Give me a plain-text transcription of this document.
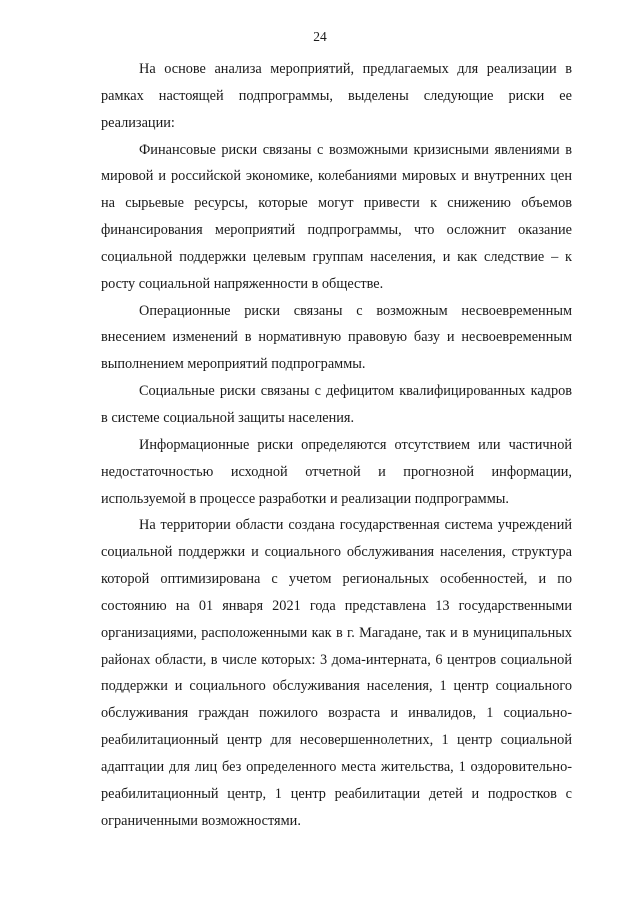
24

На основе анализа мероприятий, предлагаемых для реализации в рамках настоящей подпрограммы, выделены следующие риски ее реализации:

Финансовые риски связаны с возможными кризисными явлениями в мировой и российской экономике, колебаниями мировых и внутренних цен на сырьевые ресурсы, которые могут привести к снижению объемов финансирования мероприятий подпрограммы, что осложнит оказание социальной поддержки целевым группам населения, и как следствие – к росту социальной напряженности в обществе.

Операционные риски связаны с возможным несвоевременным внесением изменений в нормативную правовую базу и несвоевременным выполнением мероприятий подпрограммы.

Социальные риски связаны с дефицитом квалифицированных кадров в системе социальной защиты населения.

Информационные риски определяются отсутствием или частичной недостаточностью исходной отчетной и прогнозной информации, используемой в процессе разработки и реализации подпрограммы.

На территории области создана государственная система учреждений социальной поддержки и социального обслуживания населения, структура которой оптимизирована с учетом региональных особенностей, и по состоянию на 01 января 2021 года представлена 13 государственными организациями, расположенными как в г. Магадане, так и в муниципальных районах области, в числе которых: 3 дома-интерната, 6 центров социальной поддержки и социального обслуживания населения, 1 центр социального обслуживания граждан пожилого возраста и инвалидов, 1 социально-реабилитационный центр для несовершеннолетних, 1 центр социальной адаптации для лиц без определенного места жительства, 1 оздоровительно-реабилитационный центр, 1 центр реабилитации детей и подростков с ограниченными возможностями.
